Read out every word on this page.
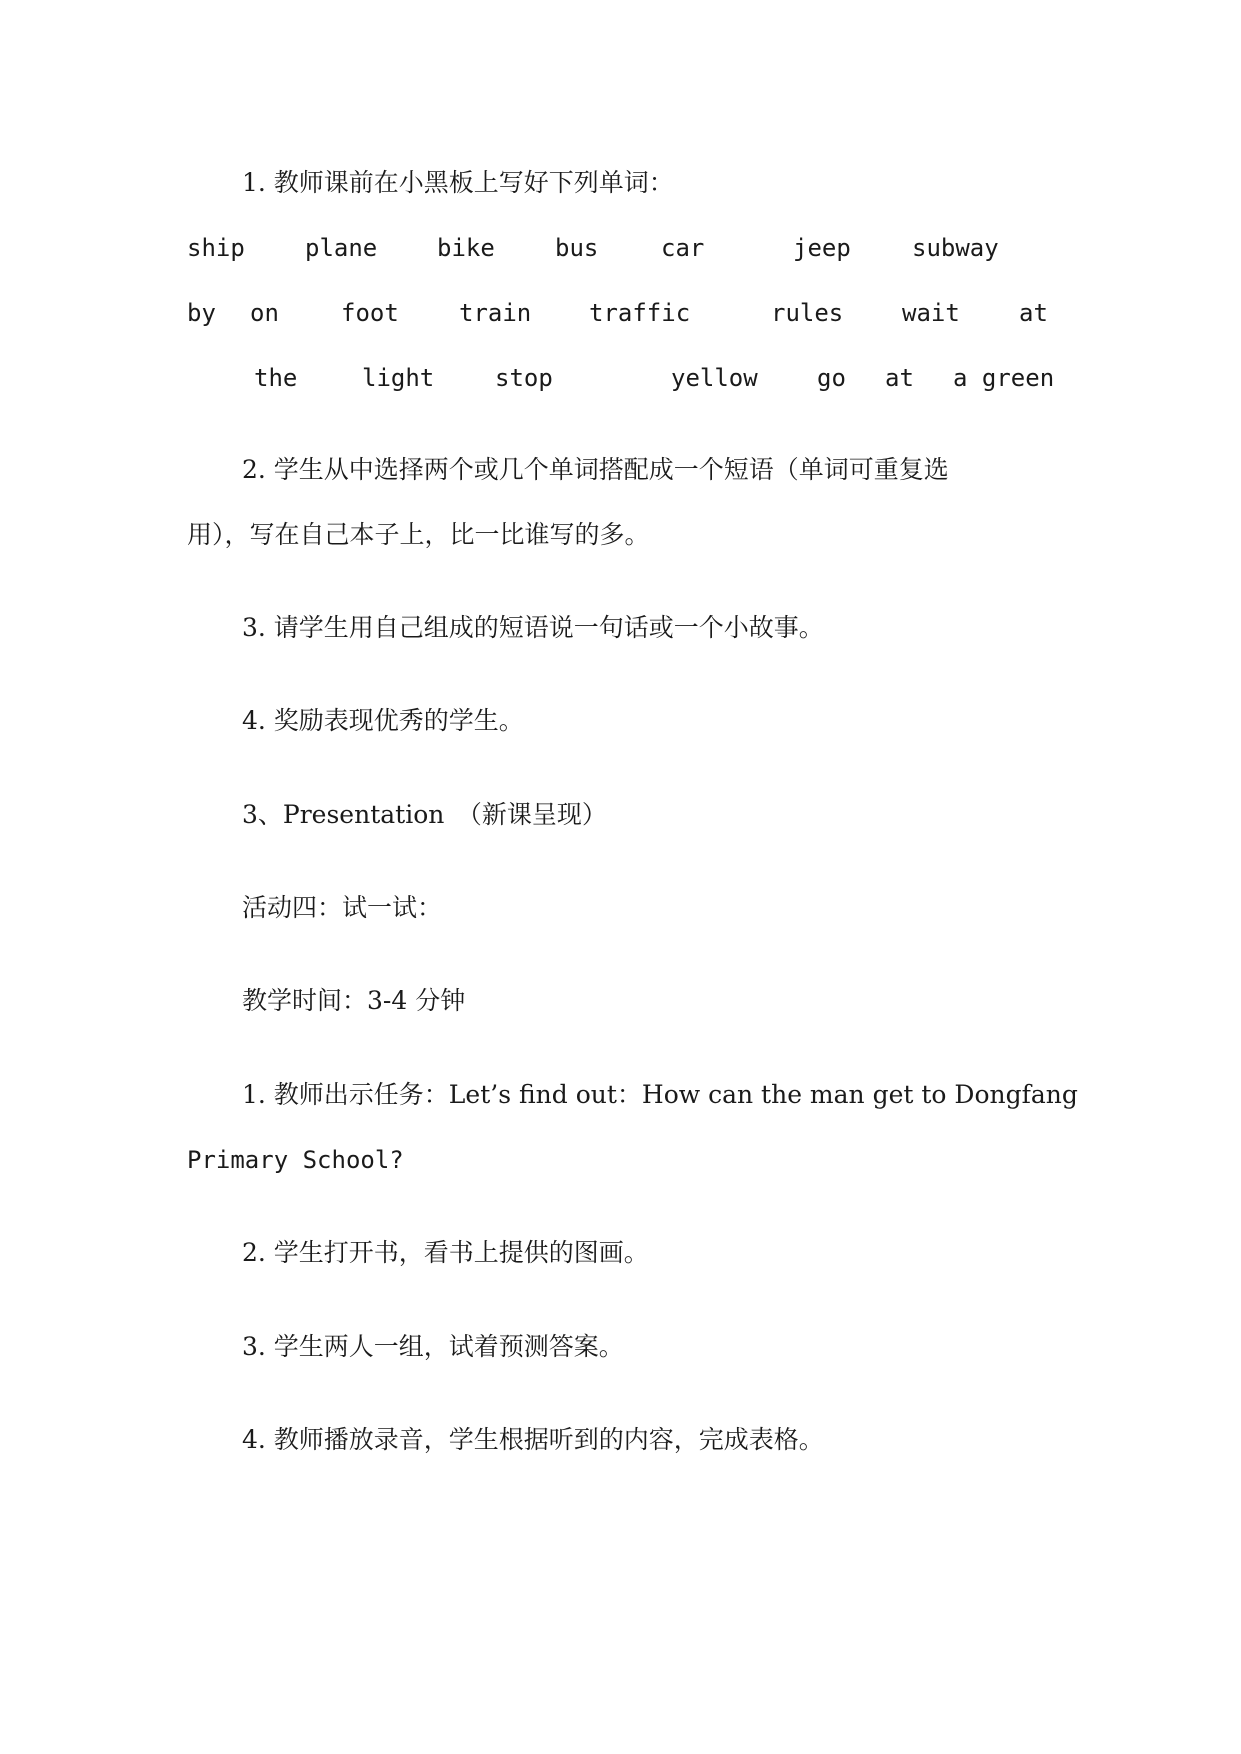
1. 教师课前在小黑板上写好下列单词：
ship	plane bike	bus	car	jeep	subway
by on	foot	train traffic	rules wait at
the	light	stop	yellow go at a green
2. 学生从中选择两个或几个单词搭配成一个短语（单词可重复选
用），写在自己本子上，比一比谁写的多。
3. 请学生用自己组成的短语说一句话或一个小故事。
4. 奖励表现优秀的学生。
3、Presentation　（新课呈现）
活动四：试一试：
教学时间：3-4 分钟
1. 教师出示任务：Let’s find out：How can the man get to Dongfang
Primary School?
2. 学生打开书，看书上提供的图画。
3. 学生两人一组，试着预测答案。
4. 教师播放录音，学生根据听到的内容，完成表格。
